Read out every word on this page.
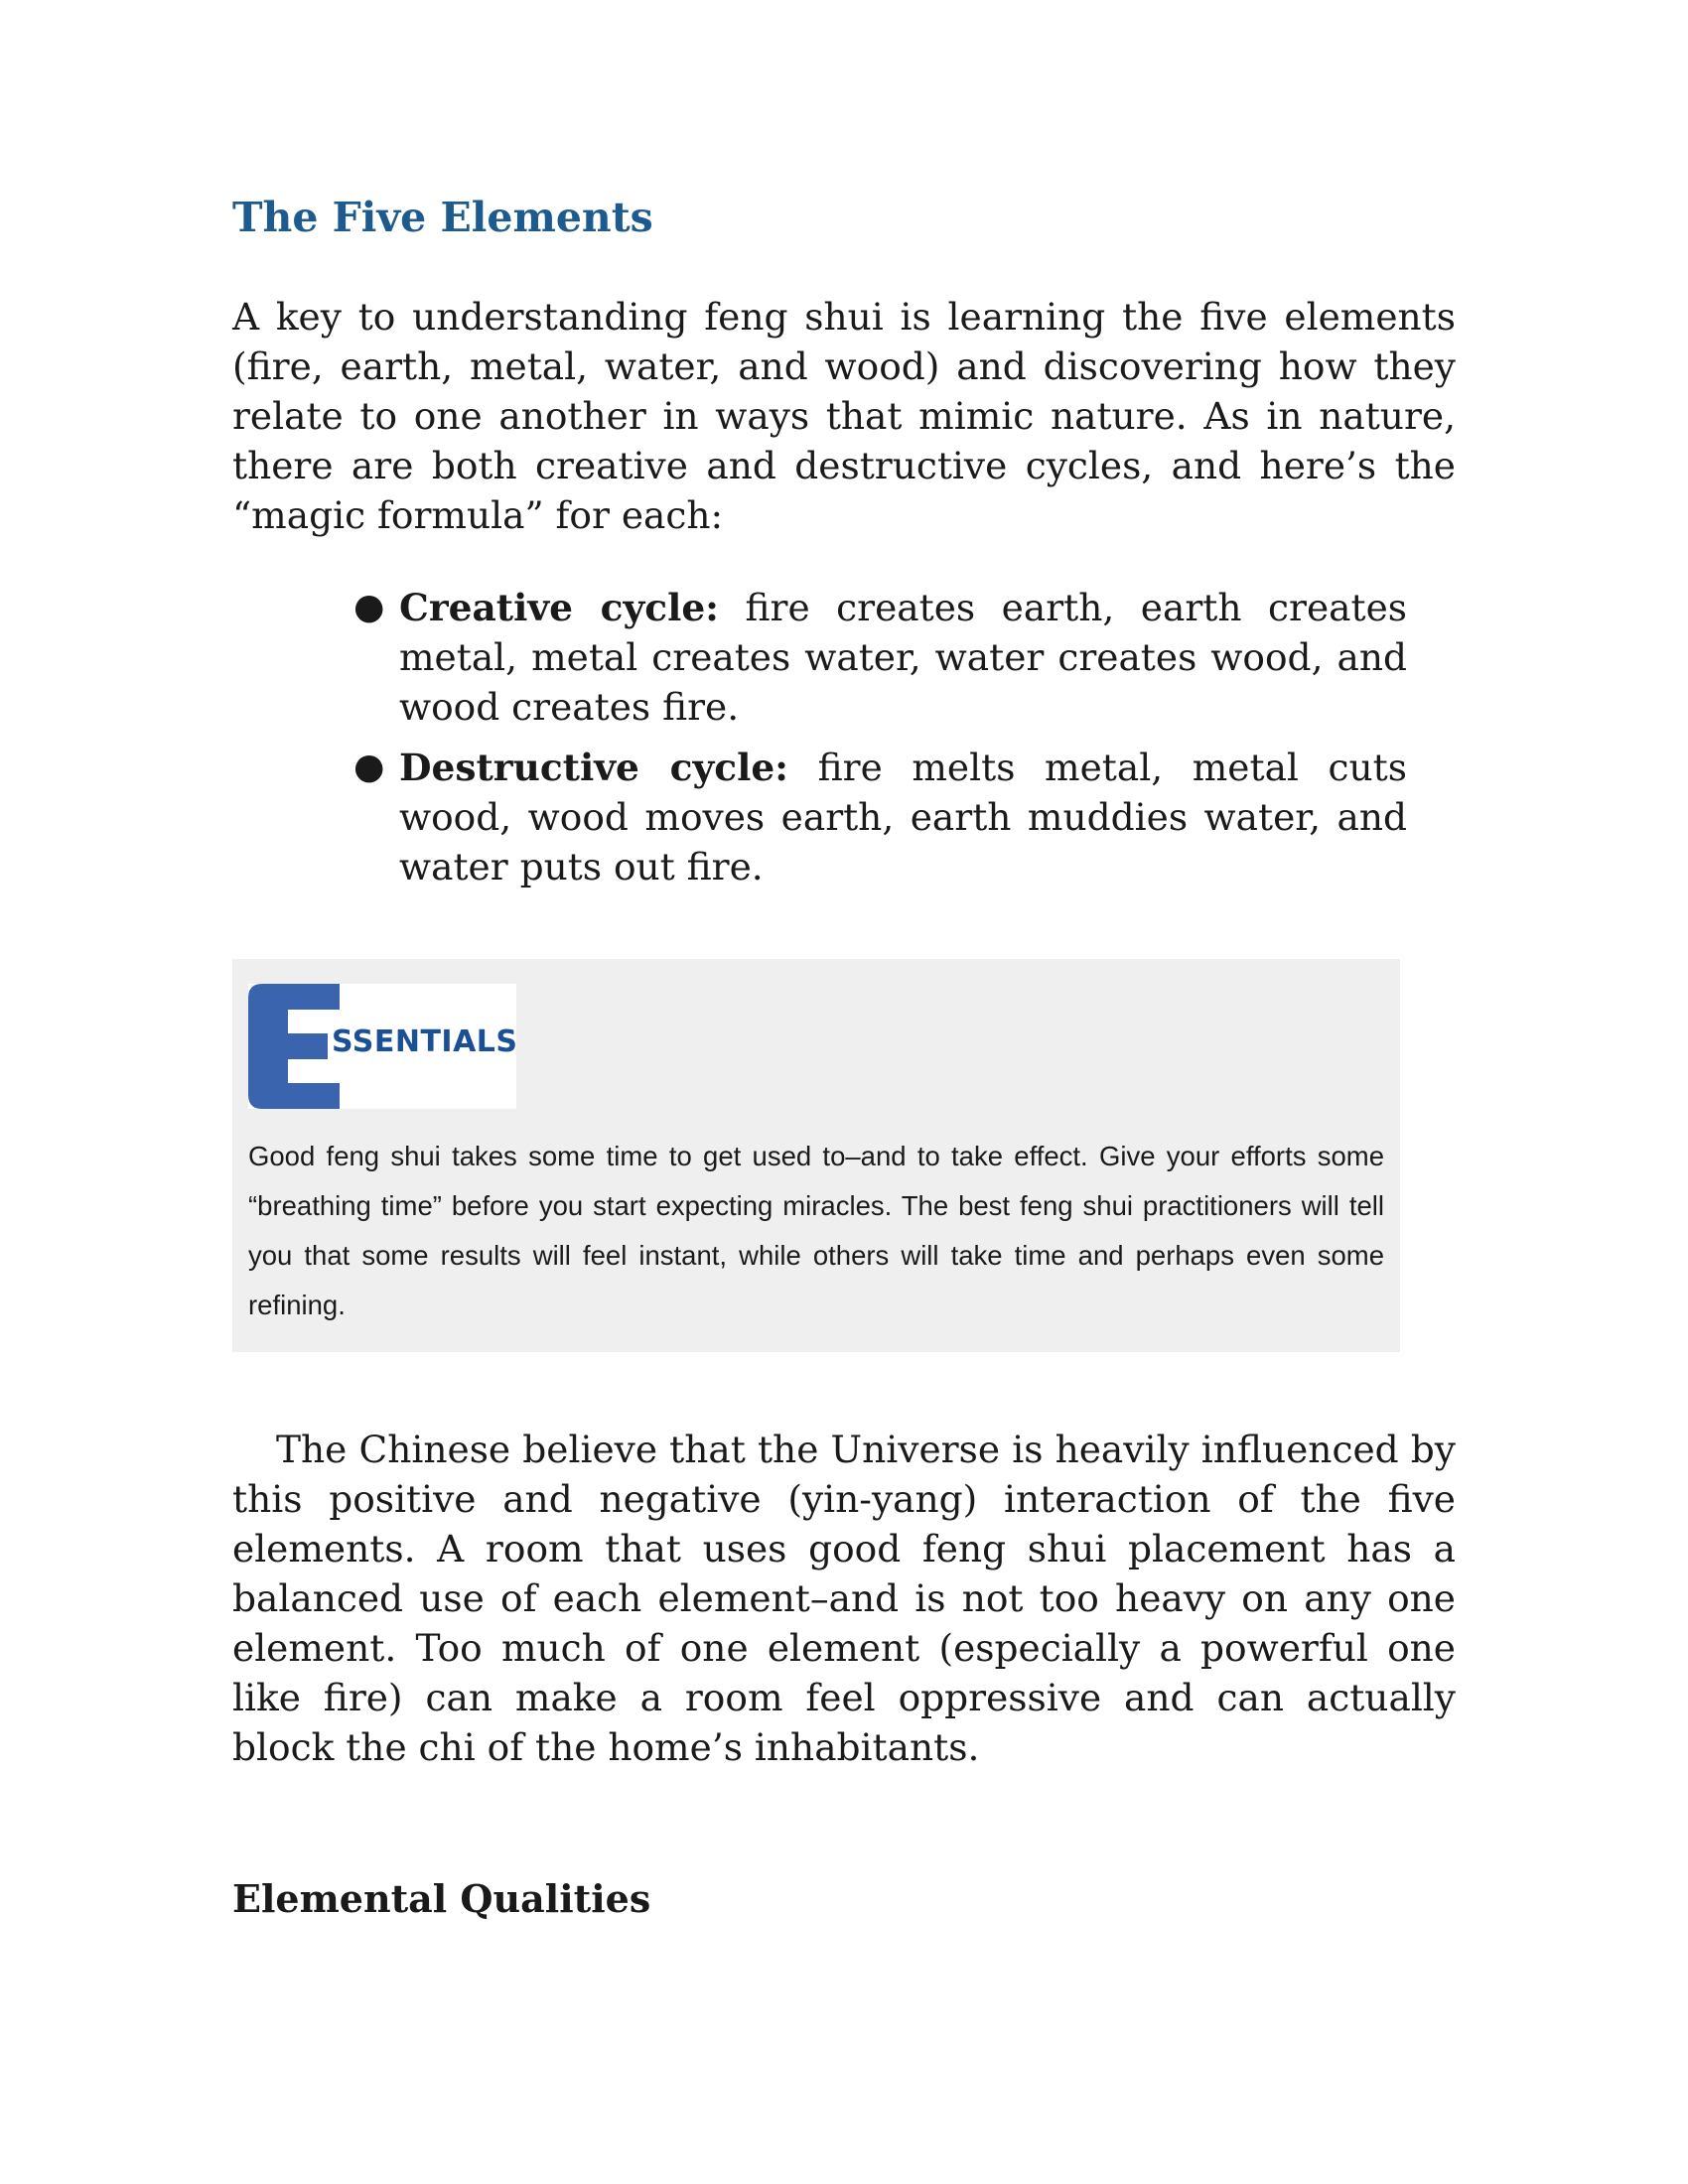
The Five Elements

A key to understanding feng shui is learning the five elements (fire, earth, metal, water, and wood) and discovering how they relate to one another in ways that mimic nature. As in nature, there are both creative and destructive cycles, and here’s the “magic formula” for each:

● Creative cycle: fire creates earth, earth creates metal, metal creates water, water creates wood, and wood creates fire.
● Destructive cycle: fire melts metal, metal cuts wood, wood moves earth, earth muddies water, and water puts out fire.
SSENTIALS

Good feng shui takes some time to get used to–and to take effect. Give your efforts some “breathing time” before you start expecting miracles. The best feng shui practitioners will tell you that some results will feel instant, while others will take time and perhaps even some refining.

The Chinese believe that the Universe is heavily influenced by this positive and negative (yin-yang) interaction of the five elements. A room that uses good feng shui placement has a balanced use of each element–and is not too heavy on any one element. Too much of one element (especially a powerful one like fire) can make a room feel oppressive and can actually block the chi of the home’s inhabitants.

Elemental Qualities
